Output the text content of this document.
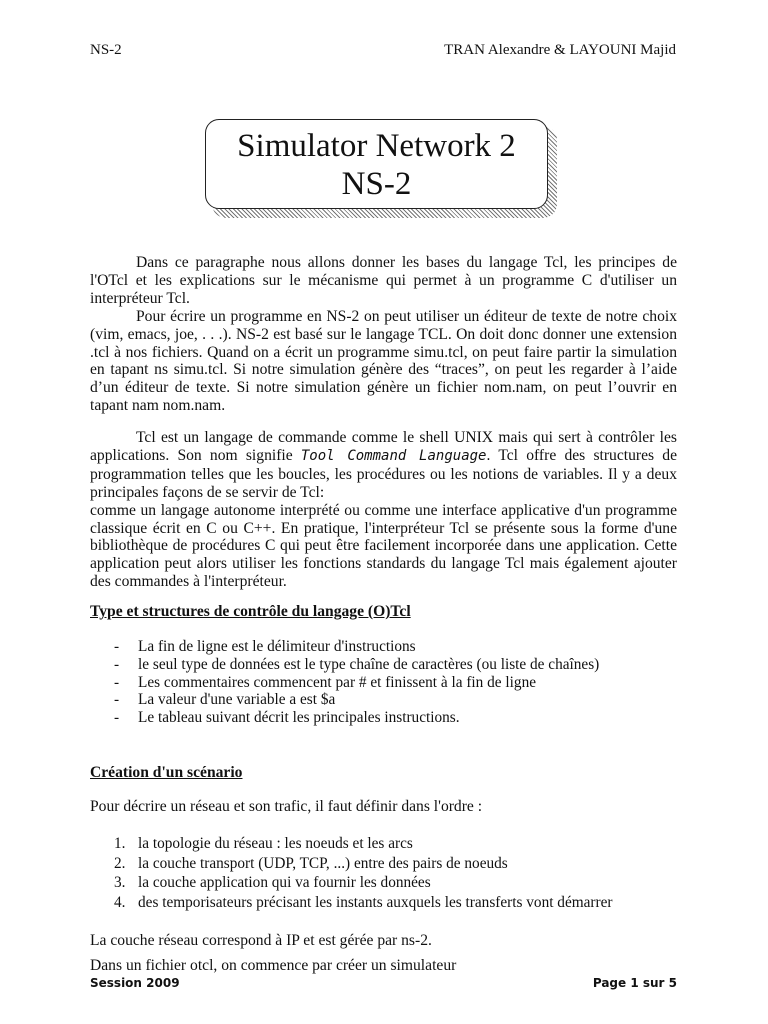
NS-2	TRAN Alexandre & LAYOUNI Majid
Simulator Network 2
NS-2

Dans ce paragraphe nous allons donner les bases du langage Tcl, les principes de l'OTcl et les explications sur le mécanisme qui permet à un programme C d'utiliser un interpréteur Tcl.

Pour écrire un programme en NS-2 on peut utiliser un éditeur de texte de notre choix (vim, emacs, joe, . . .). NS-2 est basé sur le langage TCL. On doit donc donner une extension .tcl à nos fichiers. Quand on a écrit un programme simu.tcl, on peut faire partir la simulation en tapant ns simu.tcl. Si notre simulation génère des “traces”, on peut les regarder à l’aide d’un éditeur de texte. Si notre simulation génère un fichier nom.nam, on peut l’ouvrir en tapant nam nom.nam.

Tcl est un langage de commande comme le shell UNIX mais qui sert à contrôler les applications. Son nom signifie Tool Command Language. Tcl offre des structures de programmation telles que les boucles, les procédures ou les notions de variables. Il y a deux principales façons de se servir de Tcl:

comme un langage autonome interprété ou comme une interface applicative d'un programme classique écrit en C ou C++. En pratique, l'interpréteur Tcl se présente sous la forme d'une bibliothèque de procédures C qui peut être facilement incorporée dans une application. Cette application peut alors utiliser les fonctions standards du langage Tcl mais également ajouter des commandes à l'interpréteur.

Type et structures de contrôle du langage (O)Tcl
- La fin de ligne est le délimiteur d'instructions
- le seul type de données est le type chaîne de caractères (ou liste de chaînes)
- Les commentaires commencent par # et finissent à la fin de ligne
- La valeur d'une variable a est $a
- Le tableau suivant décrit les principales instructions.
Création d'un scénario
Pour décrire un réseau et son trafic, il faut définir dans l'ordre :
1. la topologie du réseau : les noeuds et les arcs
2. la couche transport (UDP, TCP, ...) entre des pairs de noeuds
3. la couche application qui va fournir les données
4. des temporisateurs précisant les instants auxquels les transferts vont démarrer
La couche réseau correspond à IP et est gérée par ns-2.
Dans un fichier otcl, on commence par créer un simulateur
Session 2009	Page 1 sur 5
